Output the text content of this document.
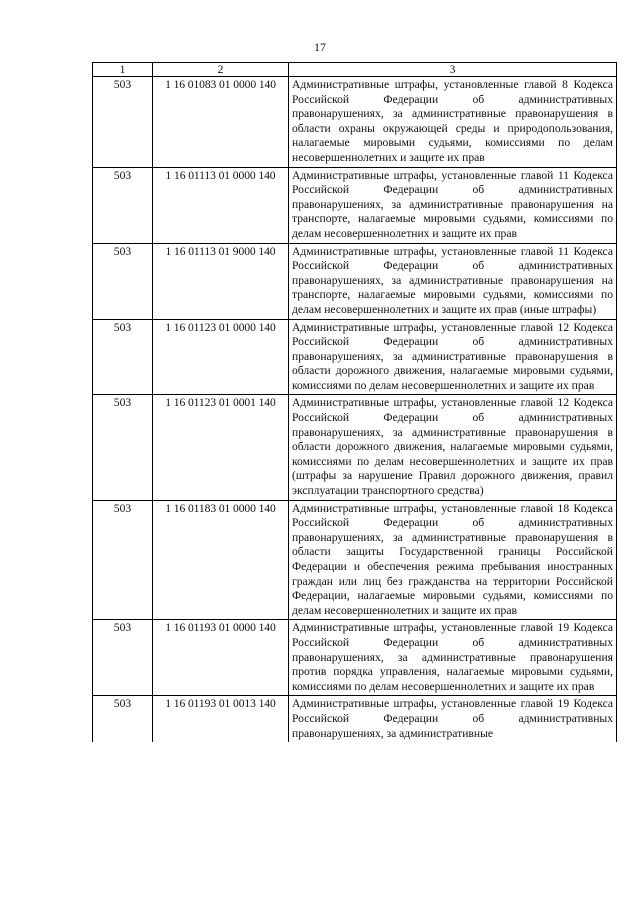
17
1	2	3
503	1 16 01083 01 0000 140	Административные штрафы, установленные главой 8 Кодекса Российской Федерации об административных правонарушениях, за административные правонарушения в области охраны окружающей среды и природопользования, налагаемые мировыми судьями, комиссиями по делам несовершеннолетних и защите их прав
503	1 16 01113 01 0000 140	Административные штрафы, установленные главой 11 Кодекса Российской Федерации об административных правонарушениях, за административные правонарушения на транспорте, налагаемые мировыми судьями, комиссиями по делам несовершеннолетних и защите их прав
503	1 16 01113 01 9000 140	Административные штрафы, установленные главой 11 Кодекса Российской Федерации об административных правонарушениях, за административные правонарушения на транспорте, налагаемые мировыми судьями, комиссиями по делам несовершеннолетних и защите их прав (иные штрафы)
503	1 16 01123 01 0000 140	Административные штрафы, установленные главой 12 Кодекса Российской Федерации об административных правонарушениях, за административные правонарушения в области дорожного движения, налагаемые мировыми судьями, комиссиями по делам несовершеннолетних и защите их прав
503	1 16 01123 01 0001 140	Административные штрафы, установленные главой 12 Кодекса Российской Федерации об административных правонарушениях, за административные правонарушения в области дорожного движения, налагаемые мировыми судьями, комиссиями по делам несовершеннолетних и защите их прав (штрафы за нарушение Правил дорожного движения, правил эксплуатации транспортного средства)
503	1 16 01183 01 0000 140	Административные штрафы, установленные главой 18 Кодекса Российской Федерации об административных правонарушениях, за административные правонарушения в области защиты Государственной границы Российской Федерации и обеспечения режима пребывания иностранных граждан или лиц без гражданства на территории Российской Федерации, налагаемые мировыми судьями, комиссиями по делам несовершеннолетних и защите их прав
503	1 16 01193 01 0000 140	Административные штрафы, установленные главой 19 Кодекса Российской Федерации об административных правонарушениях, за административные правонарушения против порядка управления, налагаемые мировыми судьями, комиссиями по делам несовершеннолетних и защите их прав
503	1 16 01193 01 0013 140	Административные штрафы, установленные главой 19 Кодекса Российской Федерации об административных правонарушениях, за административные
